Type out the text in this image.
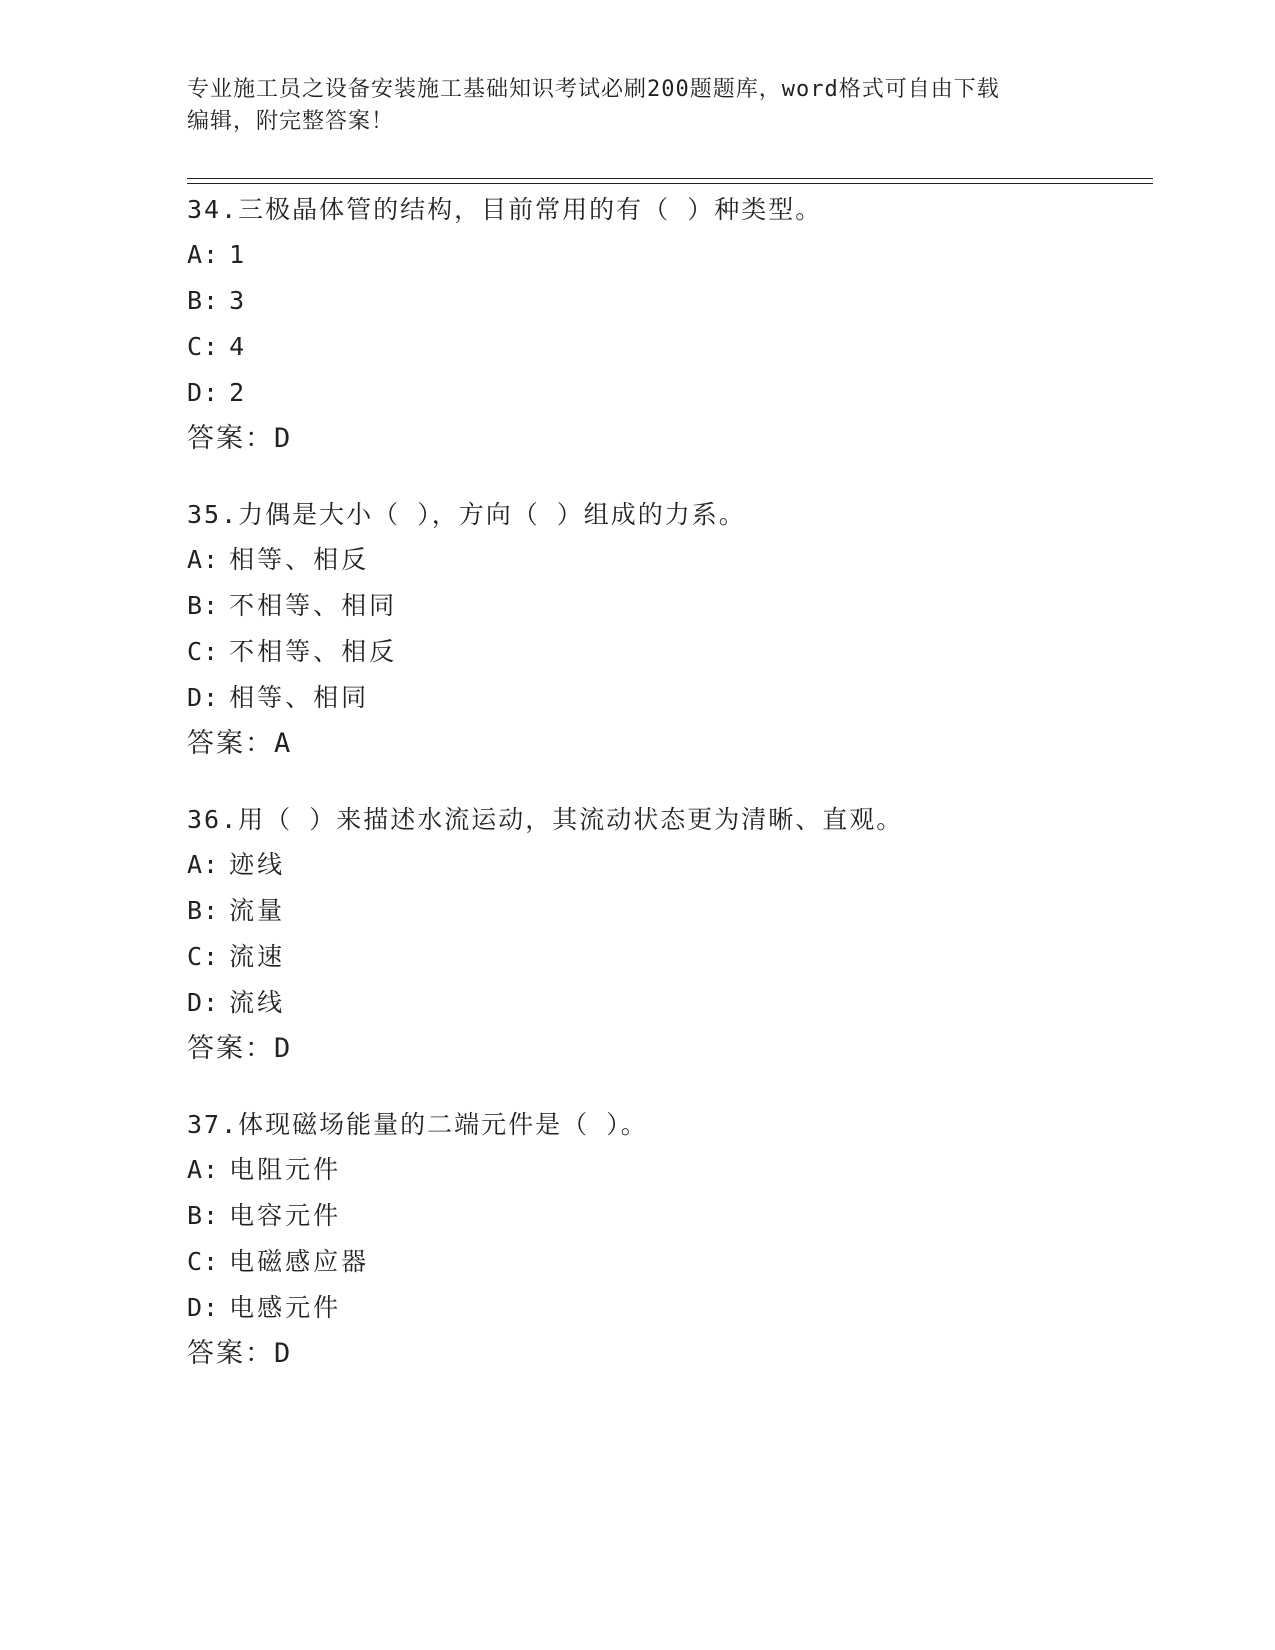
专业施工员之设备安装施工基础知识考试必刷200题题库，word格式可自由下载
编辑，附完整答案！
34.三极晶体管的结构，目前常用的有（ ）种类型。
A: 1
B: 3
C: 4
D: 2
答案：D
35.力偶是大小（ ），方向（ ）组成的力系。
A: 相等、相反
B: 不相等、相同
C: 不相等、相反
D: 相等、相同
答案：A
36.用（ ）来描述水流运动，其流动状态更为清晰、直观。
A: 迹线
B: 流量
C: 流速
D: 流线
答案：D
37.体现磁场能量的二端元件是（ ）。
A: 电阻元件
B: 电容元件
C: 电磁感应器
D: 电感元件
答案：D
